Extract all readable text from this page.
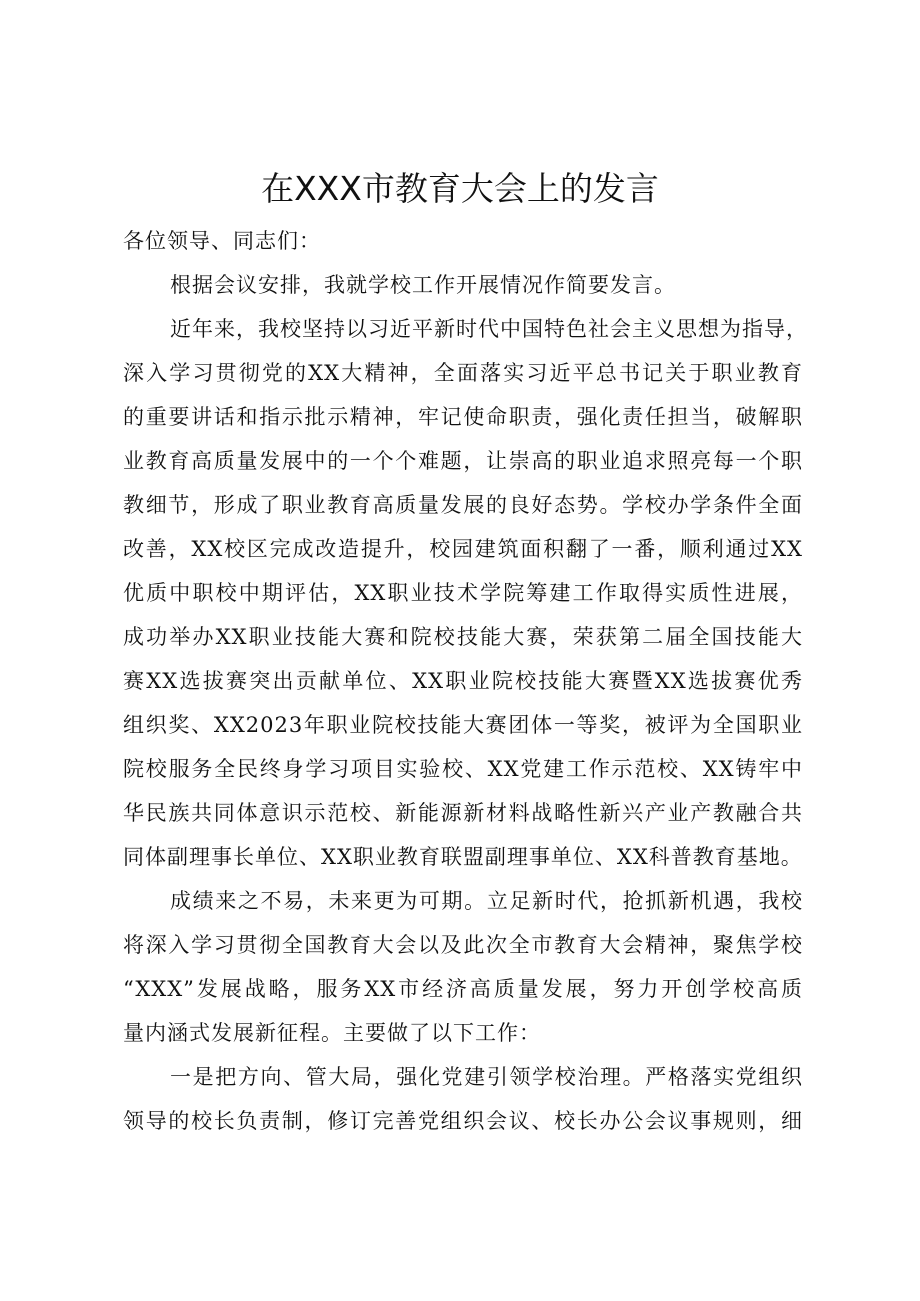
在XXX市教育大会上的发言
各位领导、同志们：
根据会议安排，我就学校工作开展情况作简要发言。
近年来，我校坚持以习近平新时代中国特色社会主义思想为指导，
深入学习贯彻党的XX大精神，全面落实习近平总书记关于职业教育
的重要讲话和指示批示精神，牢记使命职责，强化责任担当，破解职
业教育高质量发展中的一个个难题，让崇高的职业追求照亮每一个职
教细节，形成了职业教育高质量发展的良好态势。学校办学条件全面
改善，XX校区完成改造提升，校园建筑面积翻了一番，顺利通过XX
优质中职校中期评估，XX职业技术学院筹建工作取得实质性进展，
成功举办XX职业技能大赛和院校技能大赛，荣获第二届全国技能大
赛XX选拔赛突出贡献单位、XX职业院校技能大赛暨XX选拔赛优秀
组织奖、XX2023年职业院校技能大赛团体一等奖，被评为全国职业
院校服务全民终身学习项目实验校、XX党建工作示范校、XX铸牢中
华民族共同体意识示范校、新能源新材料战略性新兴产业产教融合共
同体副理事长单位、XX职业教育联盟副理事单位、XX科普教育基地。
成绩来之不易，未来更为可期。立足新时代，抢抓新机遇，我校
将深入学习贯彻全国教育大会以及此次全市教育大会精神，聚焦学校
“XXX”发展战略，服务XX市经济高质量发展，努力开创学校高质
量内涵式发展新征程。主要做了以下工作：
一是把方向、管大局，强化党建引领学校治理。严格落实党组织
领导的校长负责制，修订完善党组织会议、校长办公会议事规则，细
